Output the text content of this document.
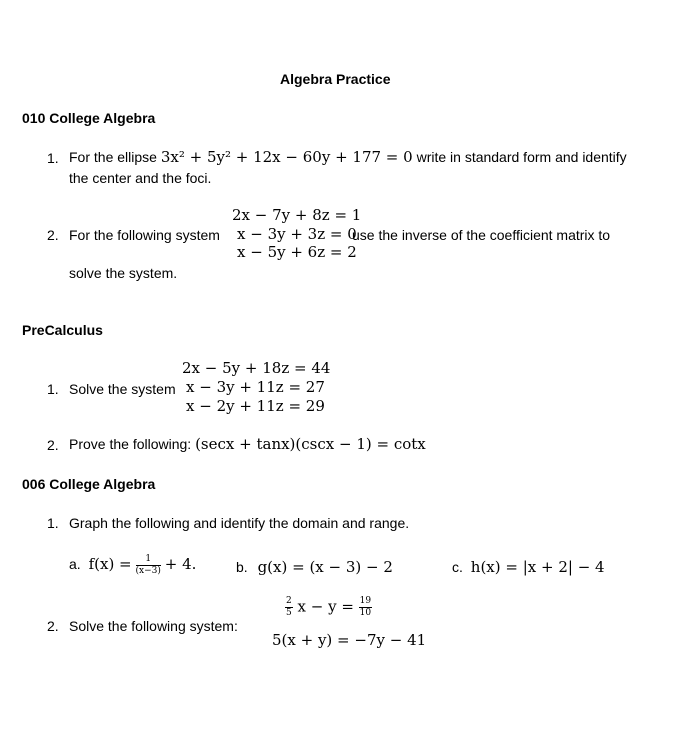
Algebra Practice
010 College Algebra
1. For the ellipse 3x² + 5y² + 12x − 60y + 177 = 0 write in standard form and identify
the center and the foci.
2x − 7y + 8z = 1
2. For the following system x − 3y + 3z = 0
use the inverse of the coefficient matrix to
x − 5y + 6z = 2
solve the system.
PreCalculus
2x − 5y + 18z = 44
1. Solve the system x − 3y + 11z = 27
x − 2y + 11z = 29
2. Prove the following: (secx + tanx)(cscx − 1) = cotx
006 College Algebra
1. Graph the following and identify the domain and range.
a. $f(x) = \frac{1}{(x-3)} + 4$.	b. g(x) = (x − 3) − 2	c. h(x) = |x + 2| − 4
$\frac{2}{5}$ $x - y = \frac{19}{10}$
2. Solve the following system:
5(x + y) = −7y − 41
